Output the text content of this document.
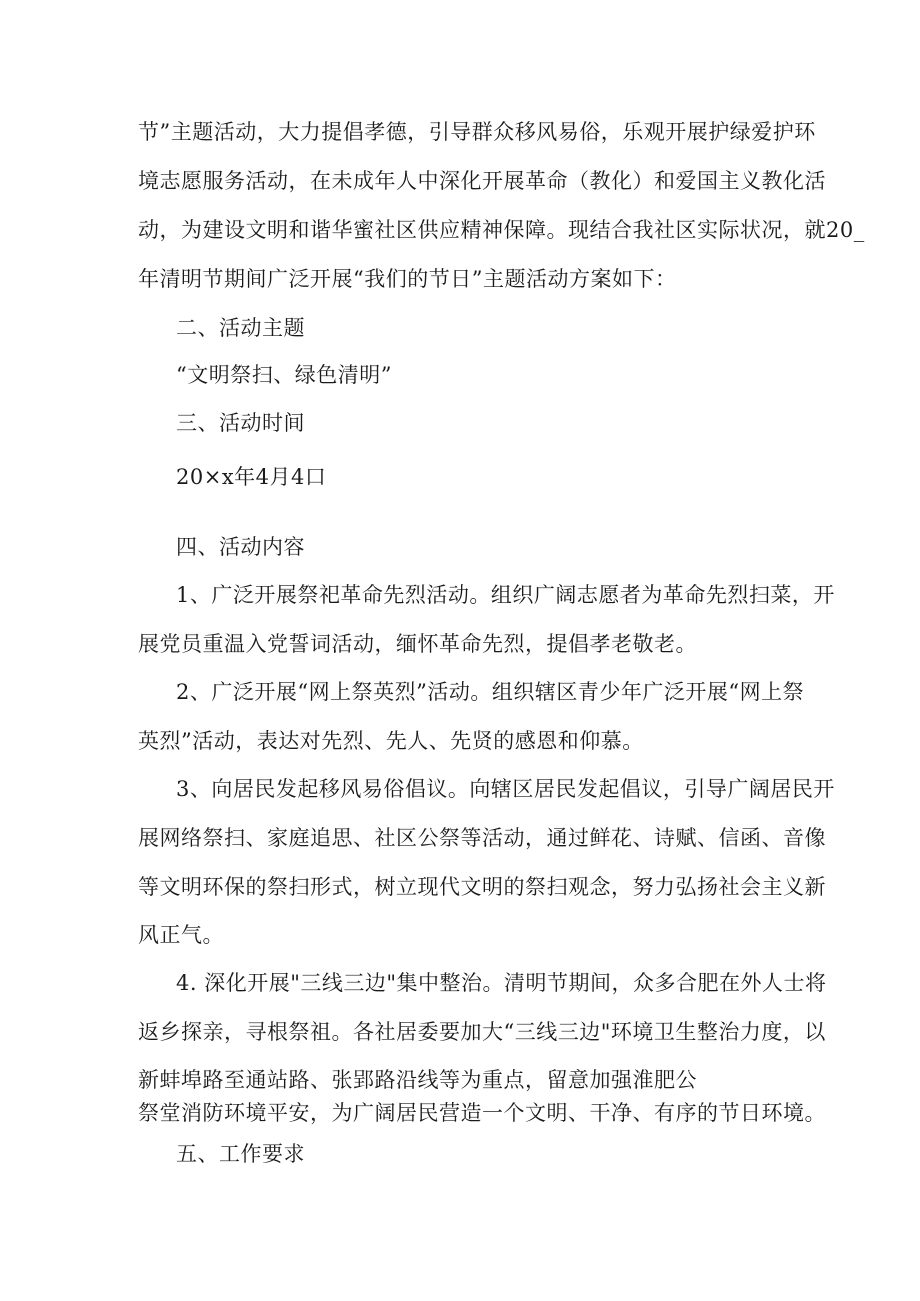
节”主题活动，大力提倡孝德，引导群众移风易俗，乐观开展护绿爱护环
境志愿服务活动，在未成年人中深化开展革命（教化）和爱国主义教化活
动，为建设文明和谐华蜜社区供应精神保障。现结合我社区实际状况，就20_
年清明节期间广泛开展“我们的节日”主题活动方案如下：
二、活动主题
“文明祭扫、绿色清明”
三、活动时间
20×x年4月4口
四、活动内容
1、广泛开展祭祀革命先烈活动。组织广阔志愿者为革命先烈扫菜，开
展党员重温入党誓词活动，缅怀革命先烈，提倡孝老敬老。
2、广泛开展“网上祭英烈”活动。组织辖区青少年广泛开展“网上祭
英烈”活动，表达对先烈、先人、先贤的感恩和仰慕。
3、向居民发起移风易俗倡议。向辖区居民发起倡议，引导广阔居民开
展网络祭扫、家庭追思、社区公祭等活动，通过鲜花、诗赋、信函、音像
等文明环保的祭扫形式，树立现代文明的祭扫观念，努力弘扬社会主义新
风正气。
4. 深化开展"三线三边"集中整治。清明节期间，众多合肥在外人士将
返乡探亲，寻根祭祖。各社居委要加大“三线三边"环境卫生整治力度，以
新蚌埠路至通站路、张郢路沿线等为重点，留意加强淮肥公
祭堂消防环境平安，为广阔居民营造一个文明、干净、有序的节日环境。
五、工作要求
